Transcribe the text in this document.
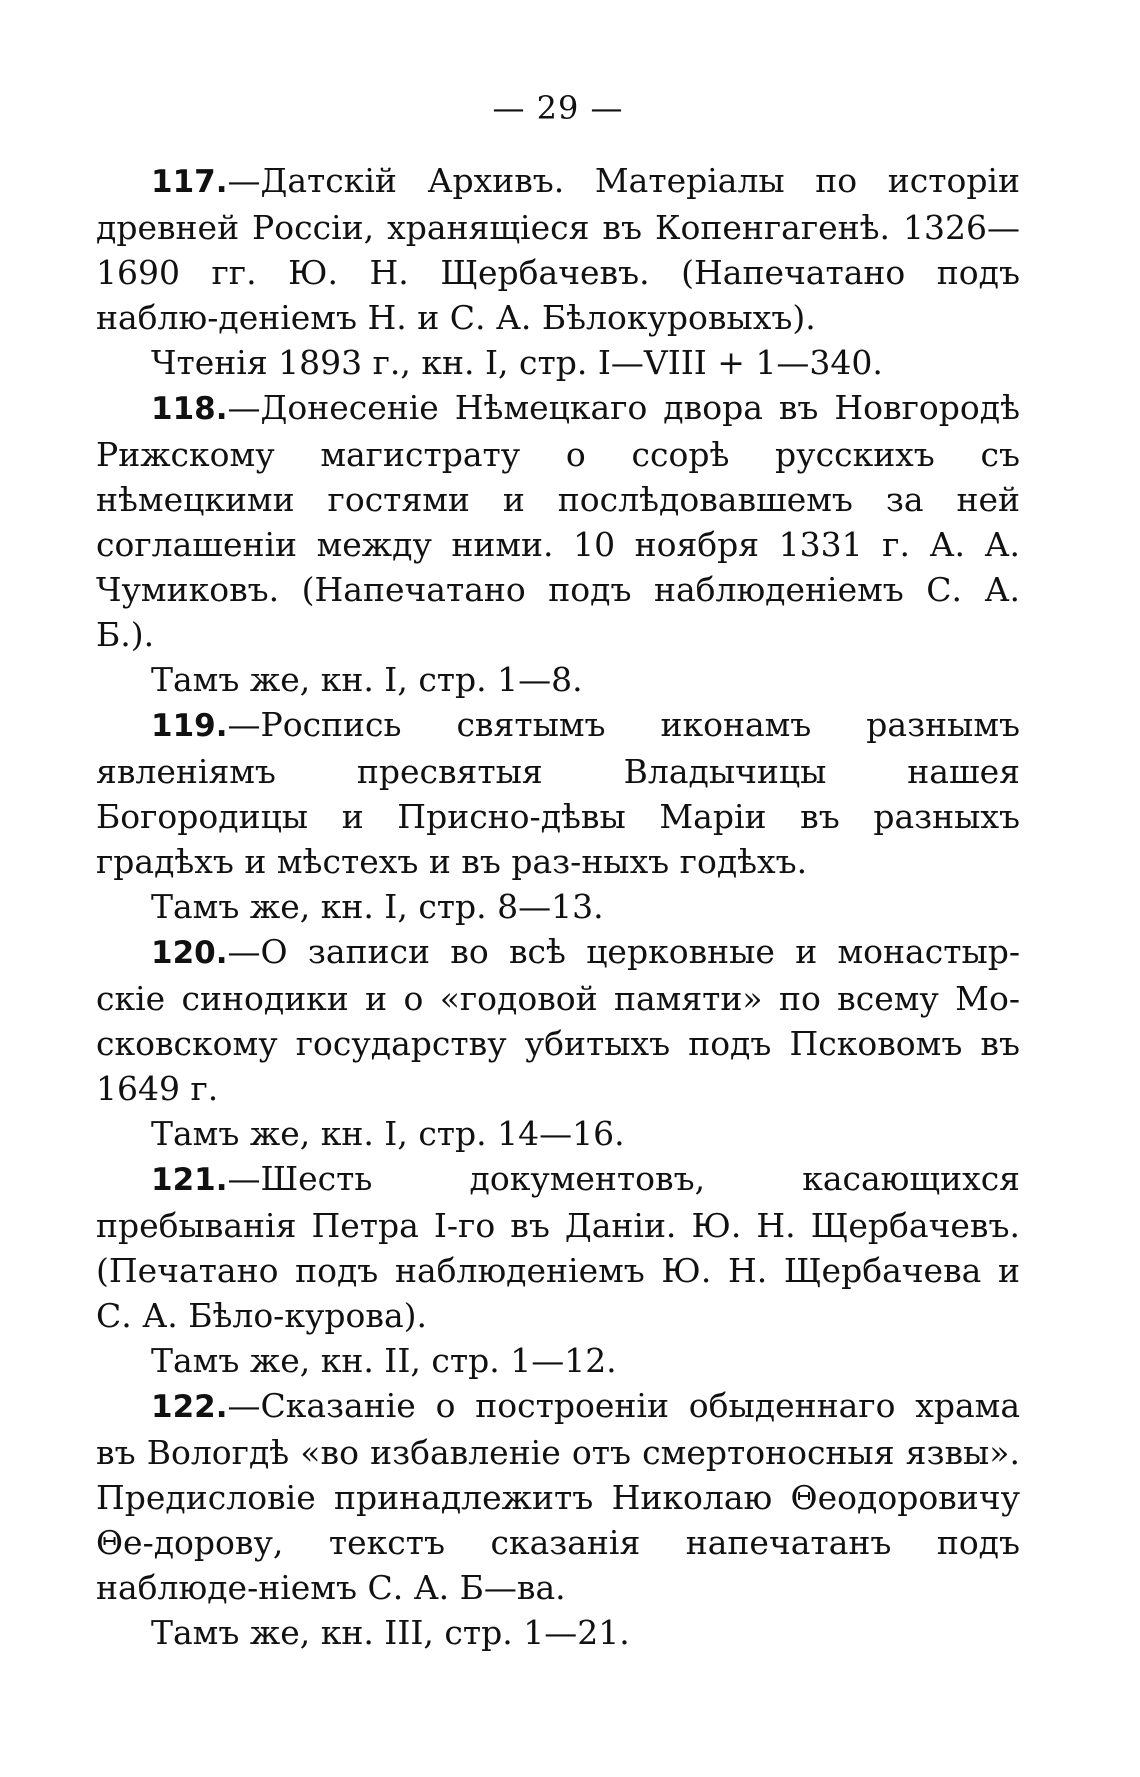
— 29 —

117.—Датскій Архивъ. Матеріалы по исторіи древней Россіи, хранящіеся въ Копенгагенѣ. 1326—1690 гг. Ю. Н. Щербачевъ. (Напечатано подъ наблю-деніемъ Н. и С. А. Бѣлокуровыхъ).

Чтенія 1893 г., кн. I, стр. I—VIII + 1—340.

118.—Донесеніе Нѣмецкаго двора въ Новгородѣ Рижскому магистрату о ссорѣ русскихъ съ нѣмецкими гостями и послѣдовавшемъ за ней соглашеніи между ними. 10 ноября 1331 г. А. А. Чумиковъ. (Напечатано подъ наблюденіемъ С. А. Б.).

Тамъ же, кн. I, стр. 1—8.

119.—Роспись святымъ иконамъ разнымъ явленіямъ пресвятыя Владычицы нашея Богородицы и Присно-дѣвы Маріи въ разныхъ градѣхъ и мѣстехъ и въ раз-ныхъ годѣхъ.

Тамъ же, кн. I, стр. 8—13.

120.—О записи во всѣ церковные и монастыр-скіе синодики и о «годовой памяти» по всему Мо-сковскому государству убитыхъ подъ Псковомъ въ 1649 г.

Тамъ же, кн. I, стр. 14—16.

121.—Шесть документовъ, касающихся пребыванія Петра I-го въ Даніи. Ю. Н. Щербачевъ. (Печатано подъ наблюденіемъ Ю. Н. Щербачева и С. А. Бѣло-курова).

Тамъ же, кн. II, стр. 1—12.

122.—Сказаніе о построеніи обыденнаго храма въ Вологдѣ «во избавленіе отъ смертоносныя язвы». Предисловіе принадлежитъ Николаю Θеодоровичу Θе-дорову, текстъ сказанія напечатанъ подъ наблюде-ніемъ С. А. Б—ва.

Тамъ же, кн. III, стр. 1—21.
